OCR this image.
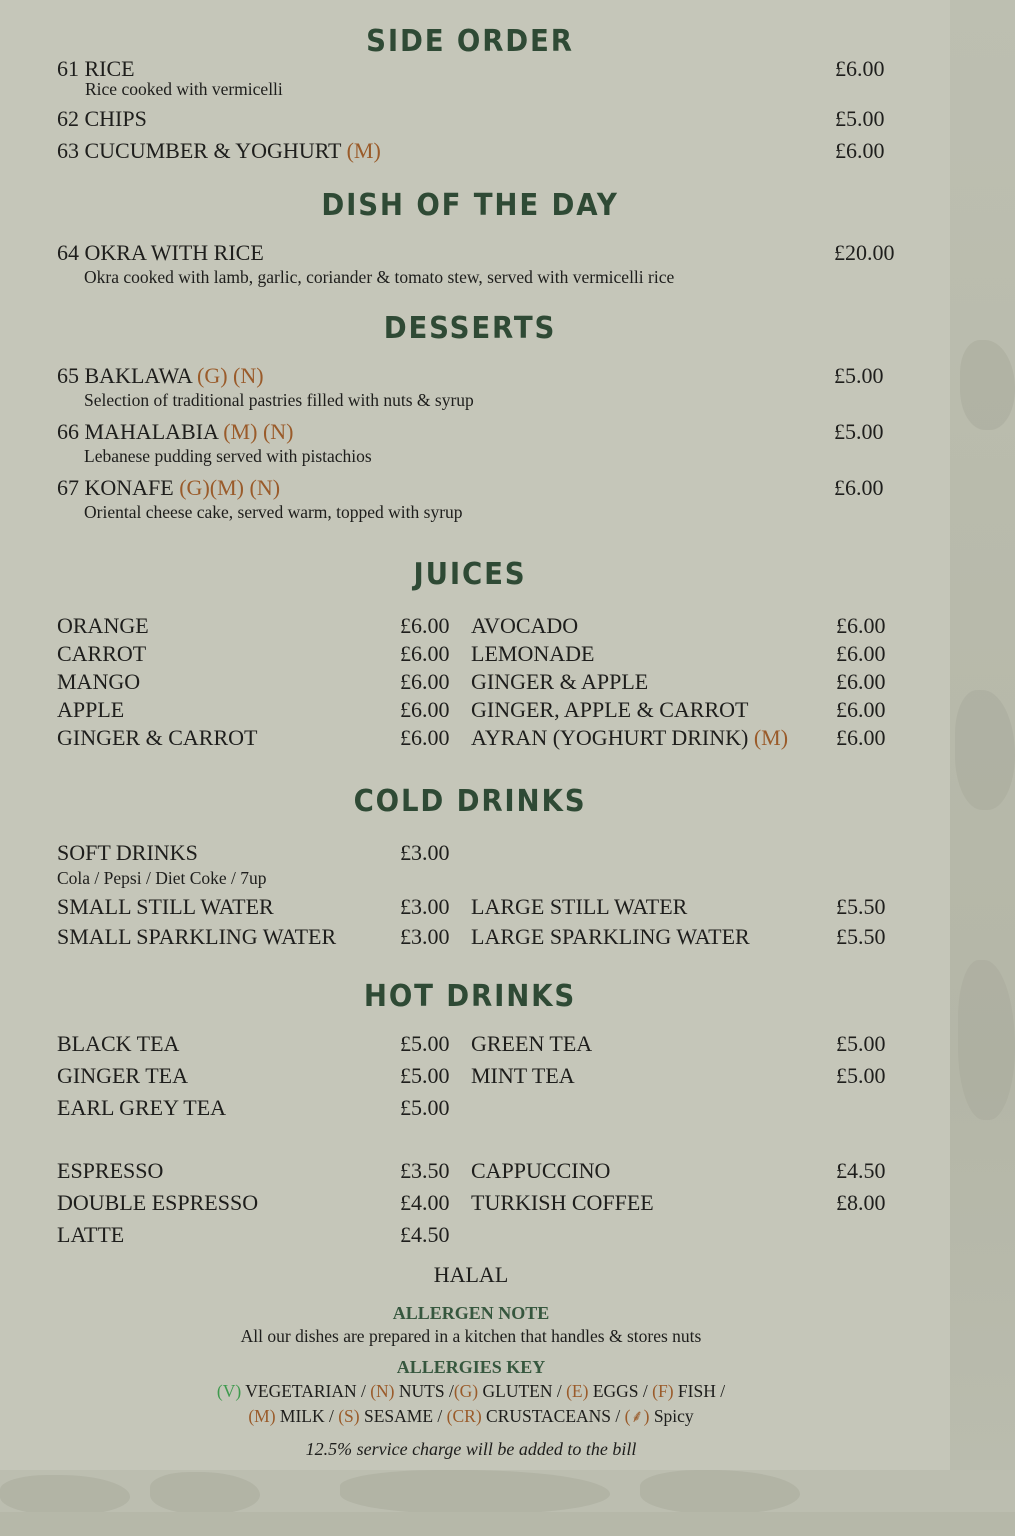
SIDE ORDER
61 RICE	£6.00
Rice cooked with vermicelli
62 CHIPS	£5.00
63 CUCUMBER & YOGHURT (M)	£6.00
DISH OF THE DAY
64 OKRA WITH RICE	£20.00
Okra cooked with lamb, garlic, coriander & tomato stew, served with vermicelli rice
DESSERTS
65 BAKLAWA (G) (N)	£5.00
Selection of traditional pastries filled with nuts & syrup
66 MAHALABIA (M) (N)	£5.00
Lebanese pudding served with pistachios
67 KONAFE (G)(M) (N)	£6.00
Oriental cheese cake, served warm, topped with syrup
JUICES
ORANGE	£6.00 AVOCADO	£6.00
CARROT	£6.00 LEMONADE	£6.00
MANGO	£6.00 GINGER & APPLE	£6.00
APPLE	£6.00 GINGER, APPLE & CARROT	£6.00
GINGER & CARROT	£6.00 AYRAN (YOGHURT DRINK) (M) £6.00
COLD DRINKS
SOFT DRINKS	£3.00
Cola / Pepsi / Diet Coke / 7up
SMALL STILL WATER	£3.00 LARGE STILL WATER	£5.50
SMALL SPARKLING WATER	£3.00 LARGE SPARKLING WATER	£5.50
HOT DRINKS
BLACK TEA	£5.00 GREEN TEA	£5.00
GINGER TEA	£5.00 MINT TEA	£5.00
EARL GREY TEA	£5.00
ESPRESSO	£3.50 CAPPUCCINO	£4.50
DOUBLE ESPRESSO	£4.00 TURKISH COFFEE	£8.00
LATTE	£4.50
HALAL
ALLERGEN NOTE
All our dishes are prepared in a kitchen that handles & stores nuts
ALLERGIES KEY
(V) VEGETARIAN / (N) NUTS /(G) GLUTEN / (E) EGGS / (F) FISH /
(M) MILK / (S) SESAME / (CR) CRUSTACEANS / (⸙) Spicy
12.5% service charge will be added to the bill
